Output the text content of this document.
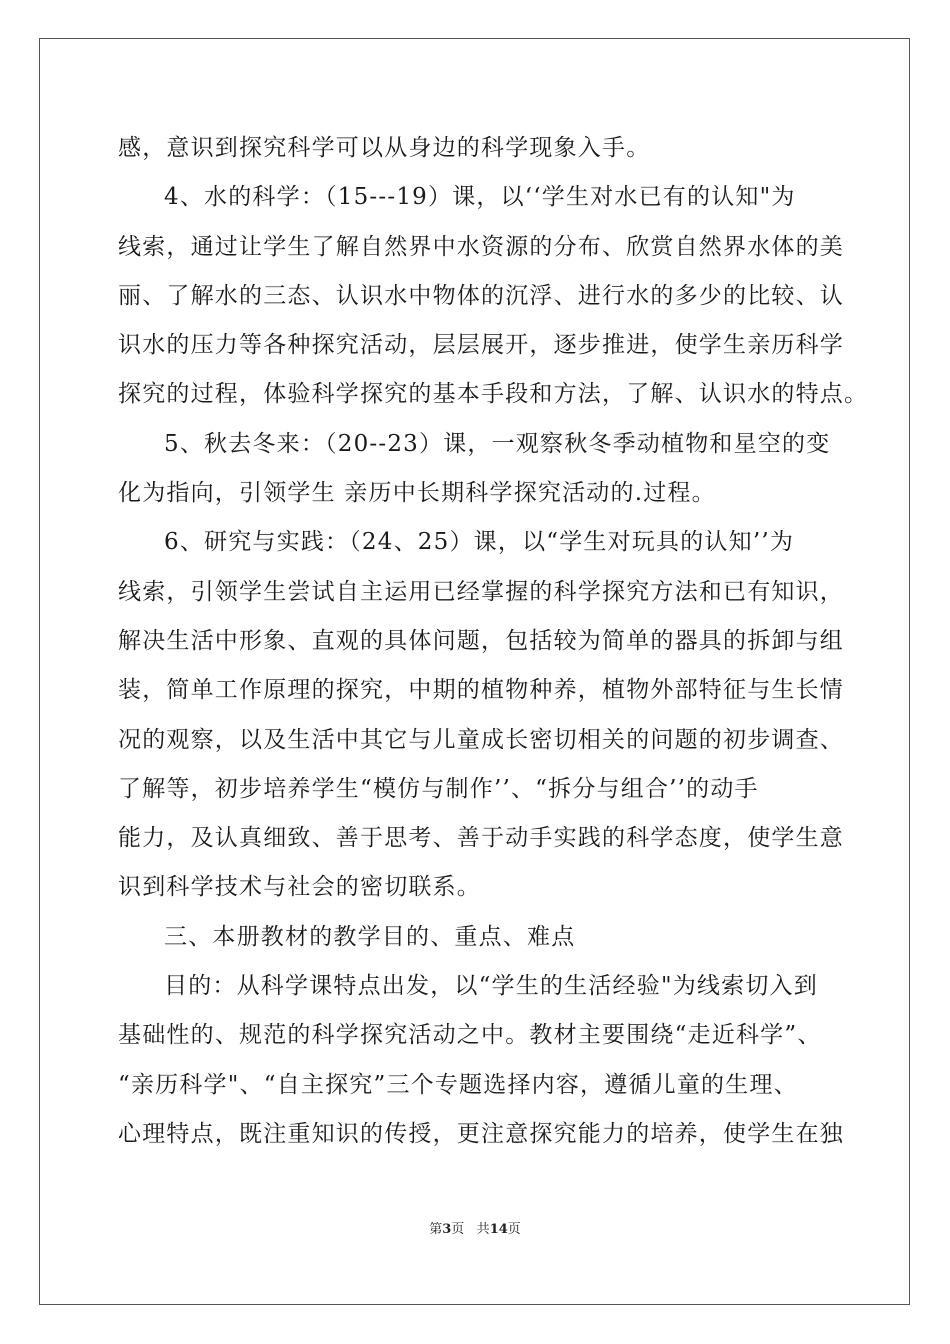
感，意识到探究科学可以从身边的科学现象入手。
4、水的科学：（15---19）课，以‘‘学生对水已有的认知"为
线索，通过让学生了解自然界中水资源的分布、欣赏自然界水体的美
丽、了解水的三态、认识水中物体的沉浮、进行水的多少的比较、认
识水的压力等各种探究活动，层层展开，逐步推进，使学生亲历科学
探究的过程，体验科学探究的基本手段和方法，了解、认识水的特点。
5、秋去冬来：（20--23）课，一观察秋冬季动植物和星空的变
化为指向，引领学生 亲历中长期科学探究活动的.过程。
6、研究与实践：（24、25）课，以“学生对玩具的认知’’为
线索，引领学生尝试自主运用已经掌握的科学探究方法和已有知识，
解决生活中形象、直观的具体问题，包括较为简单的器具的拆卸与组
装，简单工作原理的探究，中期的植物种养，植物外部特征与生长情
况的观察，以及生活中其它与儿童成长密切相关的问题的初步调查、
了解等，初步培养学生“模仿与制作’’、“拆分与组合’’的动手
能力，及认真细致、善于思考、善于动手实践的科学态度，使学生意
识到科学技术与社会的密切联系。
三、本册教材的教学目的、重点、难点
目的：从科学课特点出发，以“学生的生活经验"为线索切入到
基础性的、规范的科学探究活动之中。教材主要围绕“走近科学”、
“亲历科学"、“自主探究”三个专题选择内容，遵循儿童的生理、
心理特点，既注重知识的传授，更注意探究能力的培养，使学生在独
第3页 共14页
